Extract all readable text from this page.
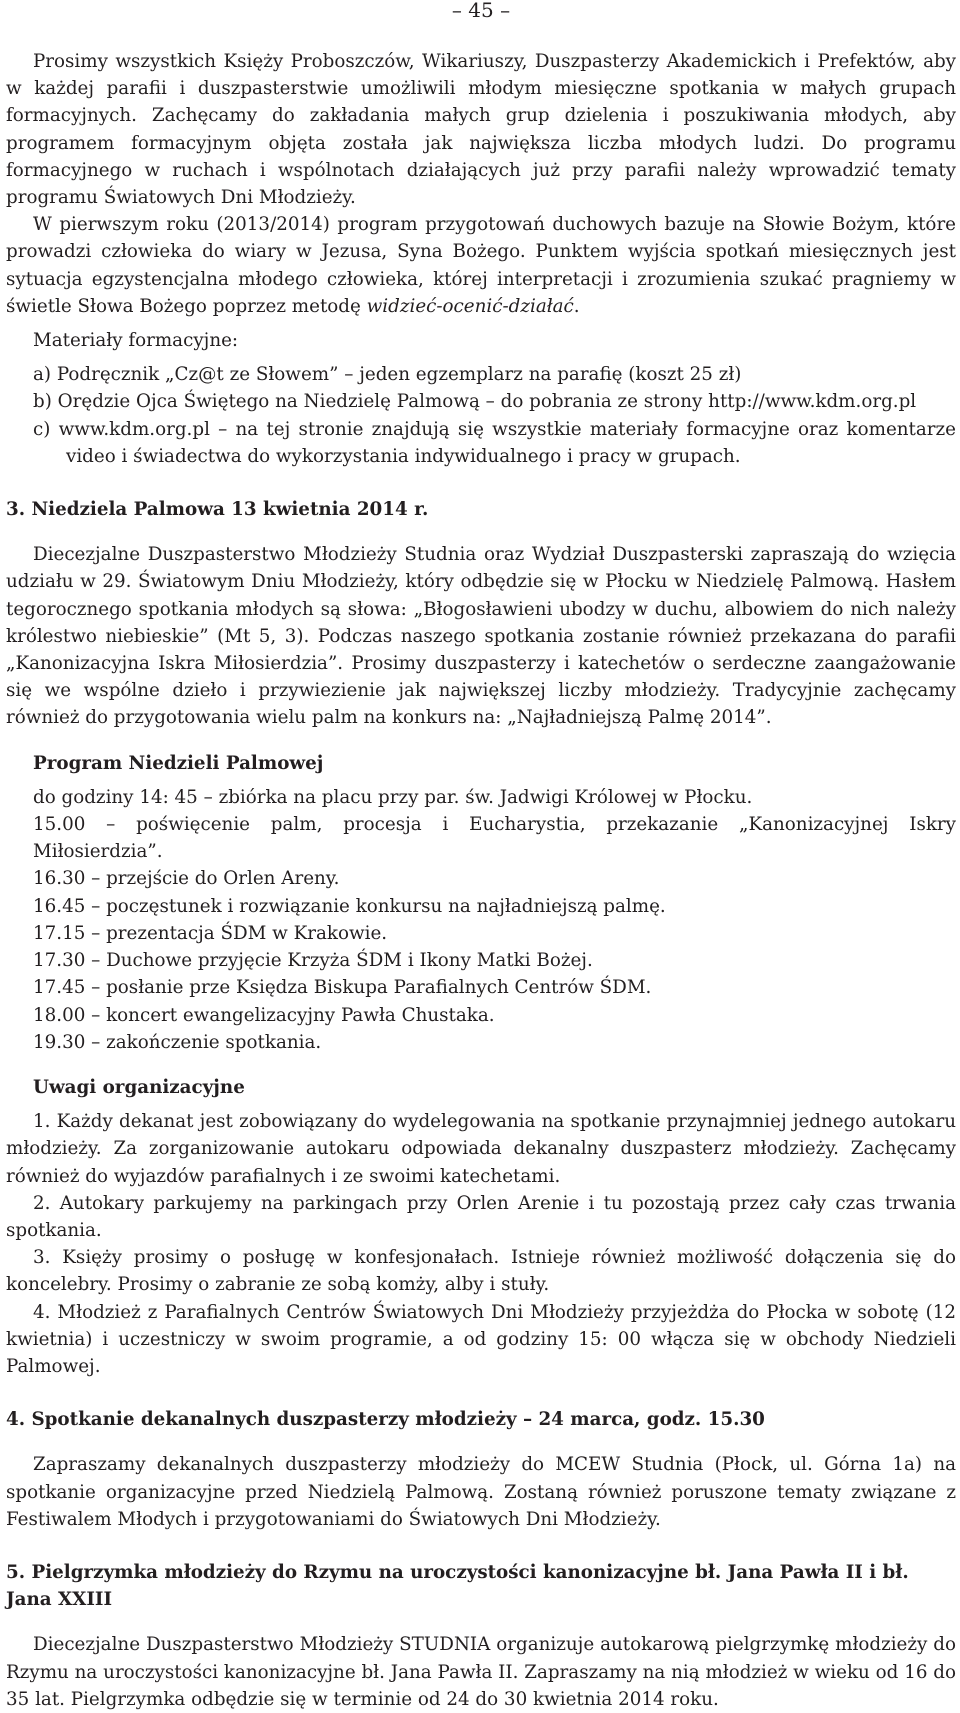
– 45 –

Prosimy wszystkich Księży Proboszczów, Wikariuszy, Duszpasterzy Akademickich i Prefektów, aby w każdej parafii i duszpasterstwie umożliwili młodym miesięczne spotkania w małych grupach formacyjnych. Zachęcamy do zakładania małych grup dzielenia i poszukiwania młodych, aby programem formacyjnym objęta została jak największa liczba młodych ludzi. Do programu formacyjnego w ruchach i wspólnotach działających już przy parafii należy wprowadzić tematy programu Światowych Dni Młodzieży.

W pierwszym roku (2013/2014) program przygotowań duchowych bazuje na Słowie Bożym, które prowadzi człowieka do wiary w Jezusa, Syna Bożego. Punktem wyjścia spotkań miesięcznych jest sytuacja egzystencjalna młodego człowieka, której interpretacji i zrozumienia szukać pragniemy w świetle Słowa Bożego poprzez metodę widzieć-ocenić-działać.

Materiały formacyjne:

a) Podręcznik „Cz@t ze Słowem” – jeden egzemplarz na parafię (koszt 25 zł)

b) Orędzie Ojca Świętego na Niedzielę Palmową – do pobrania ze strony http://www.kdm.org.pl

c) www.kdm.org.pl – na tej stronie znajdują się wszystkie materiały formacyjne oraz komentarze video i świadectwa do wykorzystania indywidualnego i pracy w grupach.

3. Niedziela Palmowa 13 kwietnia 2014 r.

Diecezjalne Duszpasterstwo Młodzieży Studnia oraz Wydział Duszpasterski zapraszają do wzięcia udziału w 29. Światowym Dniu Młodzieży, który odbędzie się w Płocku w Niedzielę Palmową. Hasłem tegorocznego spotkania młodych są słowa: „Błogosławieni ubodzy w duchu, albowiem do nich należy królestwo niebieskie” (Mt 5, 3). Podczas naszego spotkania zostanie również przekazana do parafii „Kanonizacyjna Iskra Miłosierdzia”. Prosimy duszpasterzy i katechetów o serdeczne zaangażowanie się we wspólne dzieło i przywiezienie jak największej liczby młodzieży. Tradycyjnie zachęcamy również do przygotowania wielu palm na konkurs na: „Najładniejszą Palmę 2014”.

Program Niedzieli Palmowej

do godziny 14: 45 – zbiórka na placu przy par. św. Jadwigi Królowej w Płocku.

15.00 – poświęcenie palm, procesja i Eucharystia, przekazanie „Kanonizacyjnej Iskry Miłosierdzia”.

16.30 – przejście do Orlen Areny.

16.45 – poczęstunek i rozwiązanie konkursu na najładniejszą palmę.

17.15 – prezentacja ŚDM w Krakowie.

17.30 – Duchowe przyjęcie Krzyża ŚDM i Ikony Matki Bożej.

17.45 – posłanie prze Księdza Biskupa Parafialnych Centrów ŚDM.

18.00 – koncert ewangelizacyjny Pawła Chustaka.

19.30 – zakończenie spotkania.

Uwagi organizacyjne

1. Każdy dekanat jest zobowiązany do wydelegowania na spotkanie przynajmniej jednego autokaru młodzieży. Za zorganizowanie autokaru odpowiada dekanalny duszpasterz młodzieży. Zachęcamy również do wyjazdów parafialnych i ze swoimi katechetami.

2. Autokary parkujemy na parkingach przy Orlen Arenie i tu pozostają przez cały czas trwania spotkania.

3. Księży prosimy o posługę w konfesjonałach. Istnieje również możliwość dołączenia się do koncelebry. Prosimy o zabranie ze sobą komży, alby i stuły.

4. Młodzież z Parafialnych Centrów Światowych Dni Młodzieży przyjeżdża do Płocka w sobotę (12 kwietnia) i uczestniczy w swoim programie, a od godziny 15: 00 włącza się w obchody Niedzieli Palmowej.

4. Spotkanie dekanalnych duszpasterzy młodzieży – 24 marca, godz. 15.30

Zapraszamy dekanalnych duszpasterzy młodzieży do MCEW Studnia (Płock, ul. Górna 1a) na spotkanie organizacyjne przed Niedzielą Palmową. Zostaną również poruszone tematy związane z Festiwalem Młodych i przygotowaniami do Światowych Dni Młodzieży.

5. Pielgrzymka młodzieży do Rzymu na uroczystości kanonizacyjne bł. Jana Pawła II i bł. Jana XXIII

Diecezjalne Duszpasterstwo Młodzieży STUDNIA organizuje autokarową pielgrzymkę młodzieży do Rzymu na uroczystości kanonizacyjne bł. Jana Pawła II. Zapraszamy na nią młodzież w wieku od 16 do 35 lat. Pielgrzymka odbędzie się w terminie od 24 do 30 kwietnia 2014 roku.
